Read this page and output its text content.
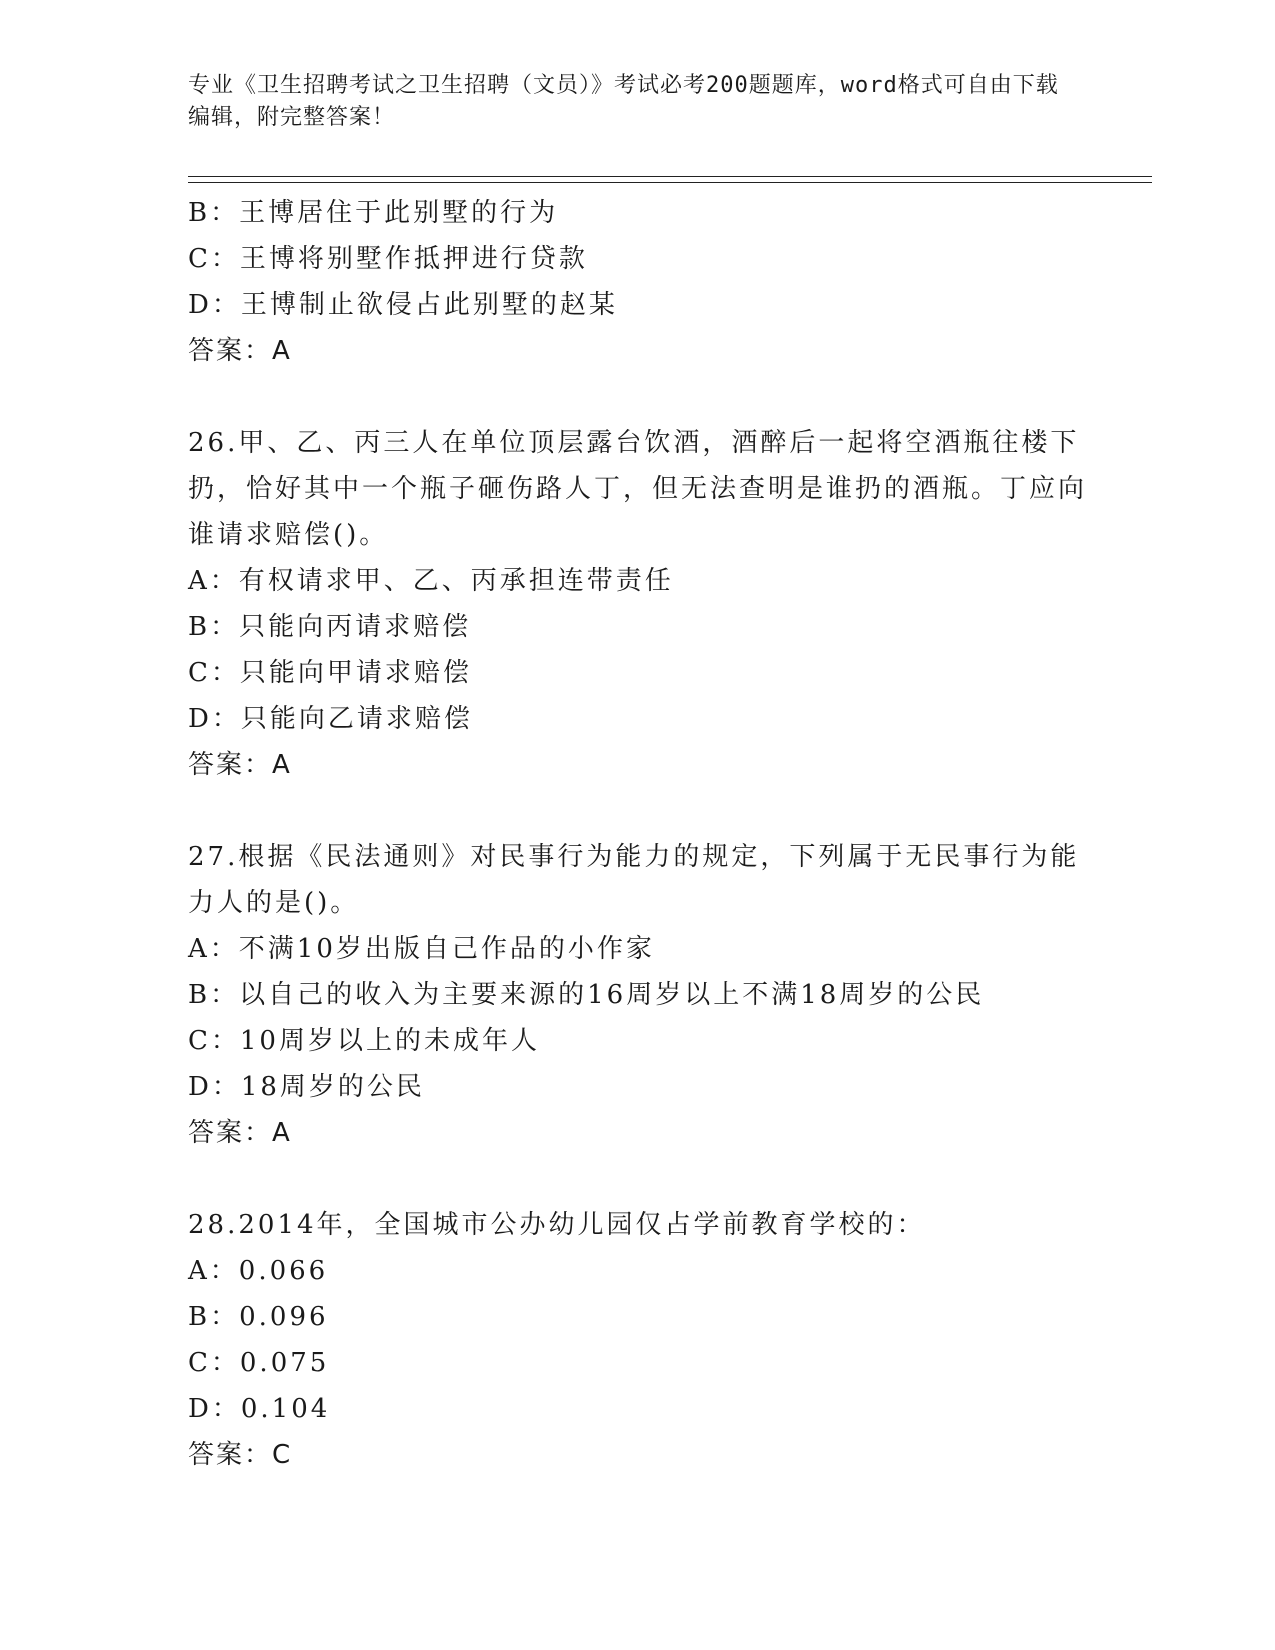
专业《卫生招聘考试之卫生招聘（文员）》考试必考200题题库，word格式可自由下载编辑，附完整答案！
B：王博居住于此别墅的行为
C：王博将别墅作抵押进行贷款
D：王博制止欲侵占此别墅的赵某
答案：A
26.甲、乙、丙三人在单位顶层露台饮酒，酒醉后一起将空酒瓶往楼下扔，恰好其中一个瓶子砸伤路人丁，但无法查明是谁扔的酒瓶。丁应向谁请求赔偿()。
A：有权请求甲、乙、丙承担连带责任
B：只能向丙请求赔偿
C：只能向甲请求赔偿
D：只能向乙请求赔偿
答案：A
27.根据《民法通则》对民事行为能力的规定，下列属于无民事行为能力人的是()。
A：不满10岁出版自己作品的小作家
B：以自己的收入为主要来源的16周岁以上不满18周岁的公民
C：10周岁以上的未成年人
D：18周岁的公民
答案：A
28.2014年，全国城市公办幼儿园仅占学前教育学校的：
A：0.066
B：0.096
C：0.075
D：0.104
答案：C
